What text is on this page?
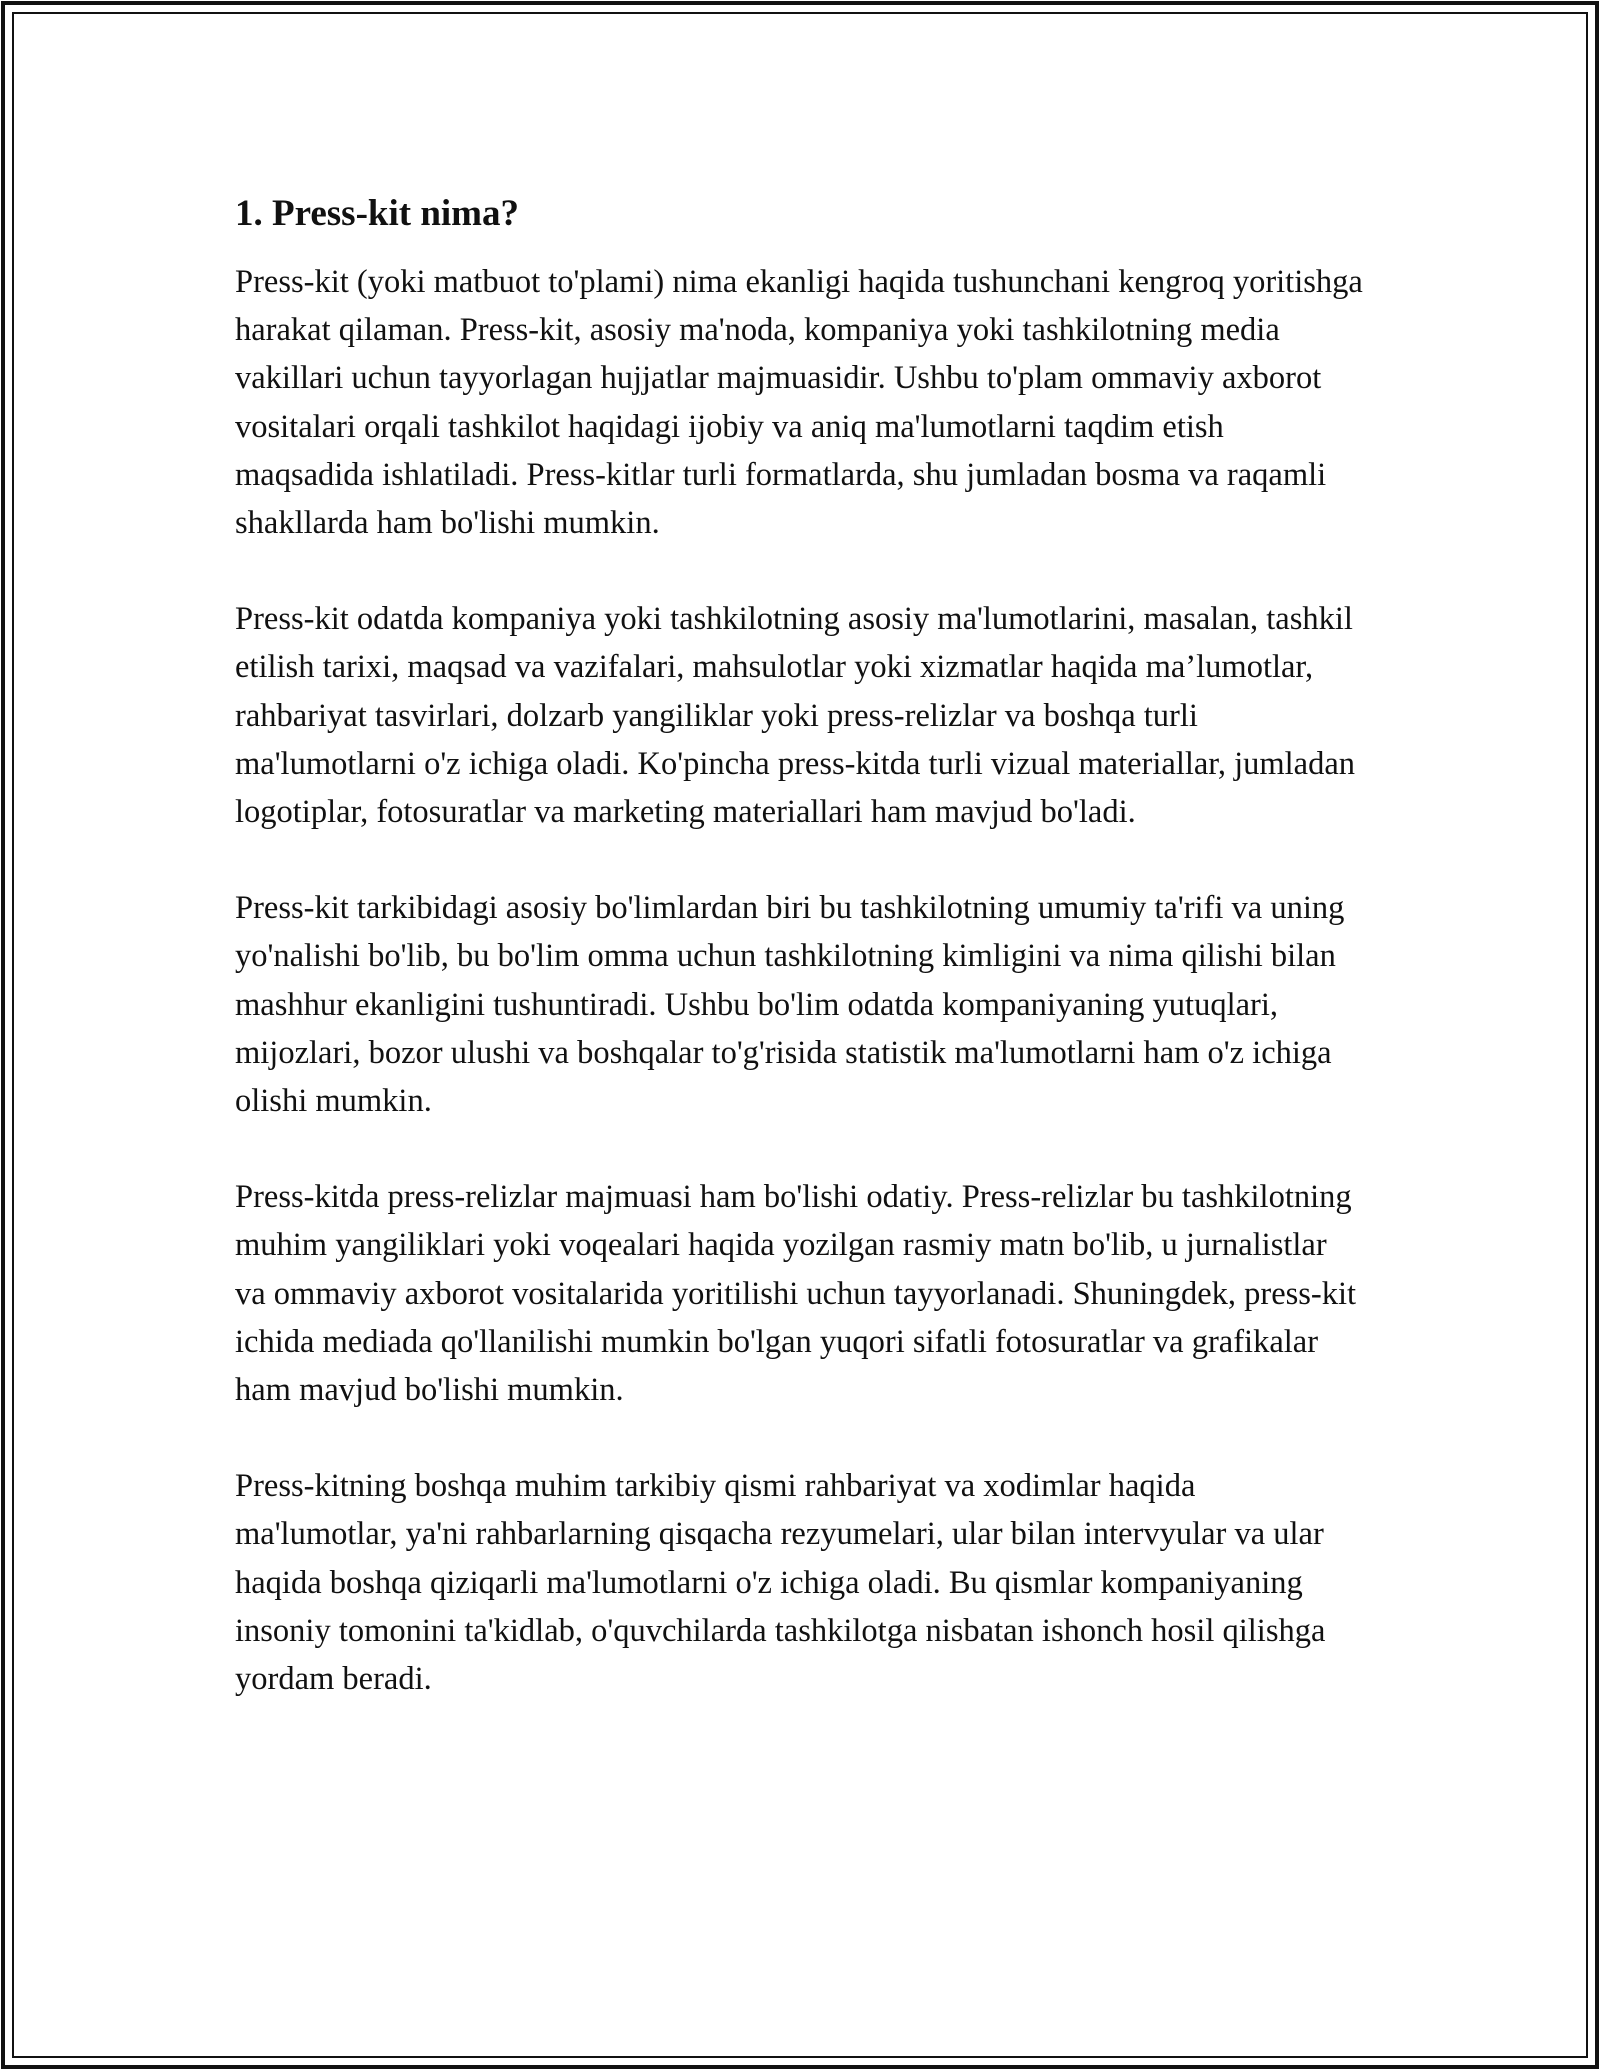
1. Press-kit nima?

Press-kit (yoki matbuot to'plami) nima ekanligi haqida tushunchani kengroq yoritishga harakat qilaman. Press-kit, asosiy ma'noda, kompaniya yoki tashkilotning media vakillari uchun tayyorlagan hujjatlar majmuasidir. Ushbu to'plam ommaviy axborot vositalari orqali tashkilot haqidagi ijobiy va aniq ma'lumotlarni taqdim etish maqsadida ishlatiladi. Press-kitlar turli formatlarda, shu jumladan bosma va raqamli shakllarda ham bo'lishi mumkin.

Press-kit odatda kompaniya yoki tashkilotning asosiy ma'lumotlarini, masalan, tashkil etilish tarixi, maqsad va vazifalari, mahsulotlar yoki xizmatlar haqida ma’lumotlar, rahbariyat tasvirlari, dolzarb yangiliklar yoki press-relizlar va boshqa turli ma'lumotlarni o'z ichiga oladi. Ko'pincha press-kitda turli vizual materiallar, jumladan logotiplar, fotosuratlar va marketing materiallari ham mavjud bo'ladi.

Press-kit tarkibidagi asosiy bo'limlardan biri bu tashkilotning umumiy ta'rifi va uning yo'nalishi bo'lib, bu bo'lim omma uchun tashkilotning kimligini va nima qilishi bilan mashhur ekanligini tushuntiradi. Ushbu bo'lim odatda kompaniyaning yutuqlari, mijozlari, bozor ulushi va boshqalar to'g'risida statistik ma'lumotlarni ham o'z ichiga olishi mumkin.

Press-kitda press-relizlar majmuasi ham bo'lishi odatiy. Press-relizlar bu tashkilotning muhim yangiliklari yoki voqealari haqida yozilgan rasmiy matn bo'lib, u jurnalistlar va ommaviy axborot vositalarida yoritilishi uchun tayyorlanadi. Shuningdek, press-kit ichida mediada qo'llanilishi mumkin bo'lgan yuqori sifatli fotosuratlar va grafikalar ham mavjud bo'lishi mumkin.

Press-kitning boshqa muhim tarkibiy qismi rahbariyat va xodimlar haqida ma'lumotlar, ya'ni rahbarlarning qisqacha rezyumelari, ular bilan intervyular va ular haqida boshqa qiziqarli ma'lumotlarni o'z ichiga oladi. Bu qismlar kompaniyaning insoniy tomonini ta'kidlab, o'quvchilarda tashkilotga nisbatan ishonch hosil qilishga yordam beradi.
